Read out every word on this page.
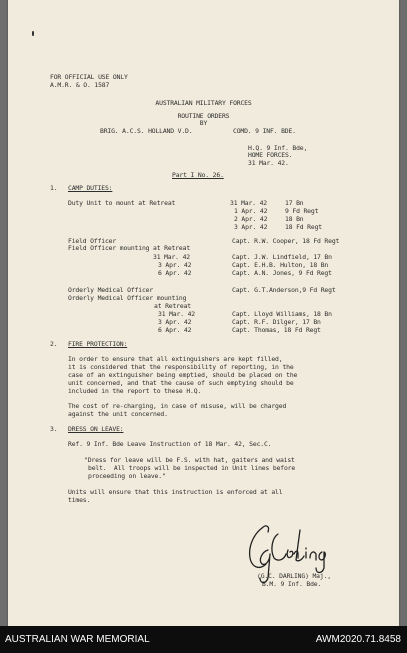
FOR OFFICIAL USE ONLY
A.M.R. & O. 1587
AUSTRALIAN MILITARY FORCES
ROUTINE ORDERS
BY
BRIG. A.C.S. HOLLAND V.D.	COMD. 9 INF. BDE.
H.Q. 9 Inf. Bde,
HOME FORCES.
31 Mar. 42.
Part I No. 26.
1. CAMP DUTIES:
Duty Unit to mount at Retreat	31 Mar. 42	17 Bn
1 Apr. 42	9 Fd Regt
2 Apr. 42	18 Bn
3 Apr. 42	18 Fd Regt
Field Officer	Capt. R.W. Cooper, 18 Fd Regt
Field Officer mounting at Retreat
31 Mar. 42	Capt. J.W. Lindfield, 17 Bn
3 Apr. 42	Capt. E.H.B. Hulton, 18 Bn
6 Apr. 42	Capt. A.N. Jones, 9 Fd Regt
Orderly Medical Officer	Capt. G.T.Anderson,9 Fd Regt
Orderly Medical Officer mounting
at Retreat
31 Mar. 42	Capt. Lloyd Williams, 18 Bn
3 Apr. 42	Capt. R.F. Dilger, 17 Bn
6 Apr. 42	Capt. Thomas, 18 Fd Regt
2. FIRE PROTECTION:
In order to ensure that all extinguishers are kept filled,
it is considered that the responsibility of reporting, in the
case of an extinguisher being emptied, should be placed on the
unit concerned, and that the cause of such emptying should be
included in the report to these H.Q.
The cost of re-charging, in case of misuse, will be charged
against the unit concerned.
3. DRESS ON LEAVE:
Ref. 9 Inf. Bde Leave Instruction of 18 Mar. 42, Sec.C.
"Dress for leave will be F.S. with hat, gaiters and waist
belt.  All troops will be inspected in Unit lines before
proceeding on leave."
Units will ensure that this instruction is enforced at all
times.
(G.C. DARLING) Maj.,
B.M. 9 Inf. Bde.
AUSTRALIAN WAR MEMORIAL	AWM2020.71.8458
